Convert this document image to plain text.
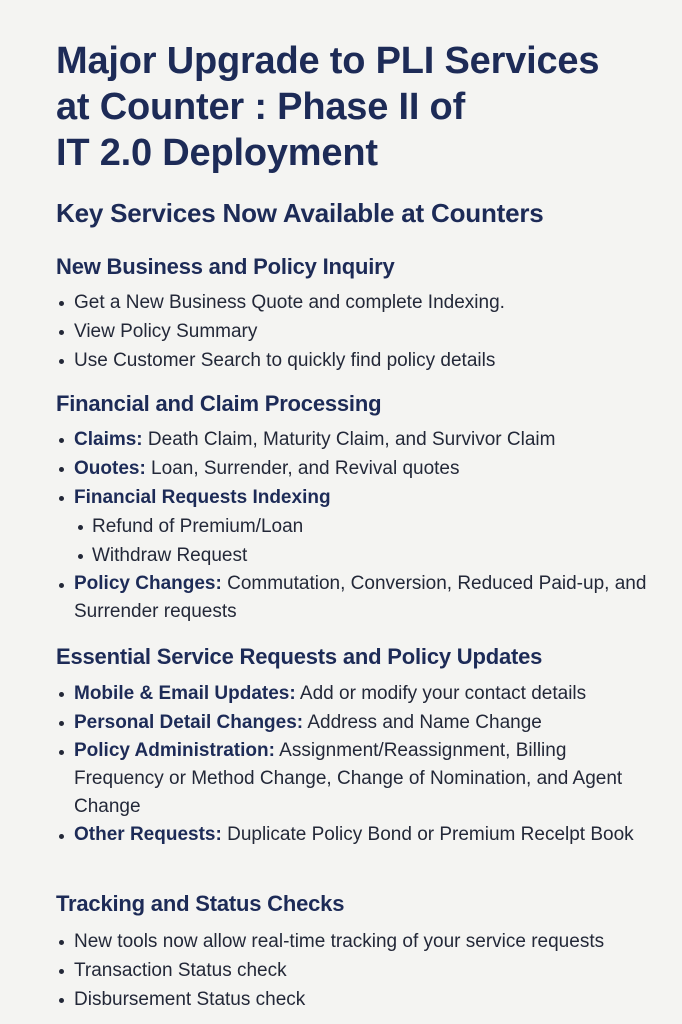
Major Upgrade to PLI Services
at Counter : Phase II of
IT 2.0 Deployment
Key Services Now Available at Counters
New Business and Policy Inquiry
Get a New Business Quote and complete Indexing.
View Policy Summary
Use Customer Search to quickly find policy details
Financial and Claim Processing
Claims: Death Claim, Maturity Claim, and Survivor Claim
Ouotes: Loan, Surrender, and Revival quotes
Financial Requests Indexing
Refund of Premium/Loan
Withdraw Request
Policy Changes: Commutation, Conversion, Reduced Paid-up, and Surrender requests
Essential Service Requests and Policy Updates
Mobile & Email Updates: Add or modify your contact details
Personal Detail Changes: Address and Name Change
Policy Administration: Assignment/Reassignment, Billing Frequency or Method Change, Change of Nomination, and Agent Change
Other Requests: Duplicate Policy Bond or Premium Recelpt Book
Tracking and Status Checks
New tools now allow real-time tracking of your service requests
Transaction Status check
Disbursement Status check
